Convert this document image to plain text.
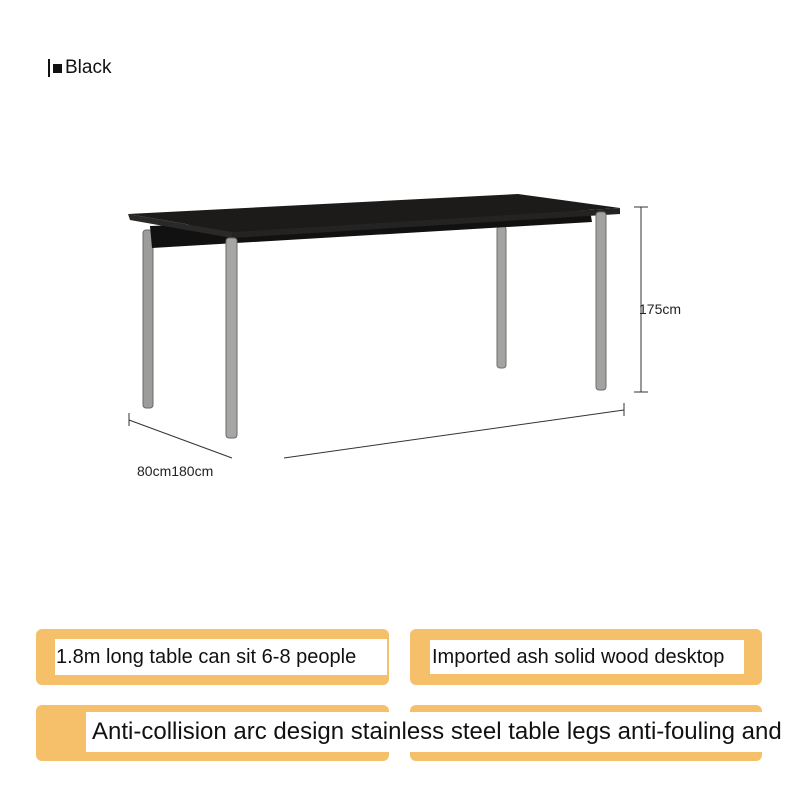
Black
175cm
80cm180cm
1.8m long table can sit 6-8 people	Imported ash solid wood desktop
Anti-collision arc design stainless steel table legs anti-fouling and
